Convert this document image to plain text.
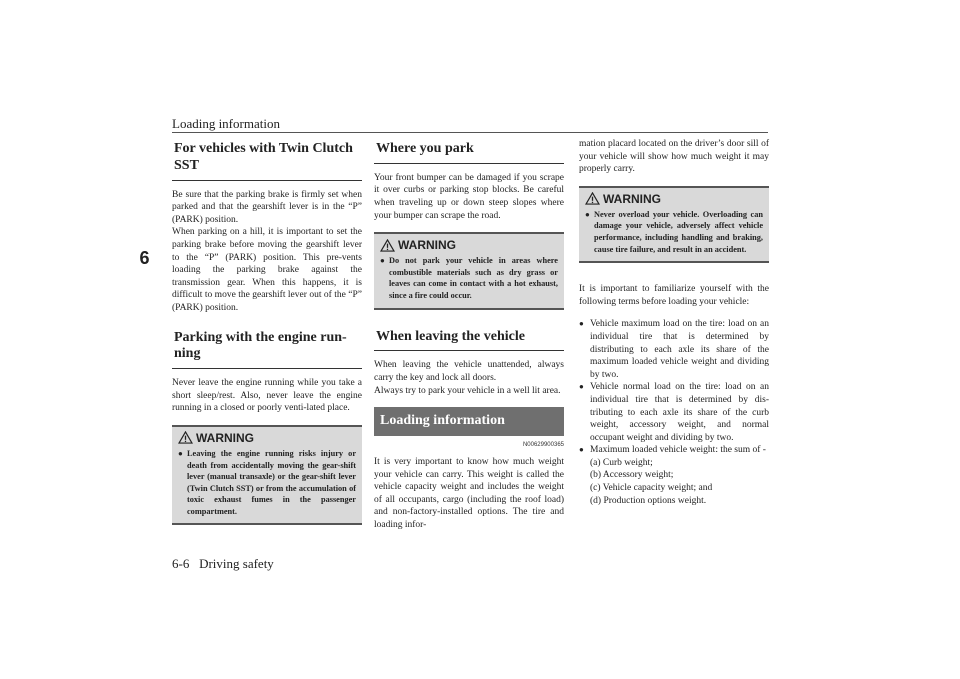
Loading information
6
For vehicles with Twin Clutch SST

Be sure that the parking brake is firmly set when parked and that the gearshift lever is in the “P” (PARK) position.

When parking on a hill, it is important to set the parking brake before moving the gearshift lever to the “P” (PARK) position. This pre-vents loading the parking brake against the transmission gear. When this happens, it is difficult to move the gearshift lever out of the “P” (PARK) position.

Parking with the engine run-ning

Never leave the engine running while you take a short sleep/rest. Also, never leave the engine running in a closed or poorly venti-lated place.

WARNING
● Leaving the engine running risks injury or death from accidentally moving the gear-shift lever (manual transaxle) or the gear-shift lever (Twin Clutch SST) or from the accumulation of toxic exhaust fumes in the passenger compartment.
Where you park

Your front bumper can be damaged if you scrape it over curbs or parking stop blocks. Be careful when traveling up or down steep slopes where your bumper can scrape the road.

WARNING
● Do not park your vehicle in areas where combustible materials such as dry grass or leaves can come in contact with a hot exhaust, since a fire could occur.
When leaving the vehicle

When leaving the vehicle unattended, always carry the key and lock all doors.

Always try to park your vehicle in a well lit area.

Loading information
N00629900365

It is very important to know how much weight your vehicle can carry. This weight is called the vehicle capacity weight and includes the weight of all occupants, cargo (including the roof load) and non-factory-installed options. The tire and loading infor-

mation placard located on the driver’s door sill of your vehicle will show how much weight it may properly carry.

WARNING
● Never overload your vehicle. Overloading can damage your vehicle, adversely affect vehicle performance, including handling and braking, cause tire failure, and result in an accident.

It is important to familiarize yourself with the following terms before loading your vehicle:

● Vehicle maximum load on the tire: load on an individual tire that is determined by distributing to each axle its share of the maximum loaded vehicle weight and dividing by two.
● Vehicle normal load on the tire: load on an individual tire that is determined by dis-tributing to each axle its share of the curb weight, accessory weight, and normal occupant weight and dividing by two.
● Maximum loaded vehicle weight: the sum of -
(a) Curb weight;
(b) Accessory weight;
(c) Vehicle capacity weight; and
(d) Production options weight.
6-6   Driving safety
